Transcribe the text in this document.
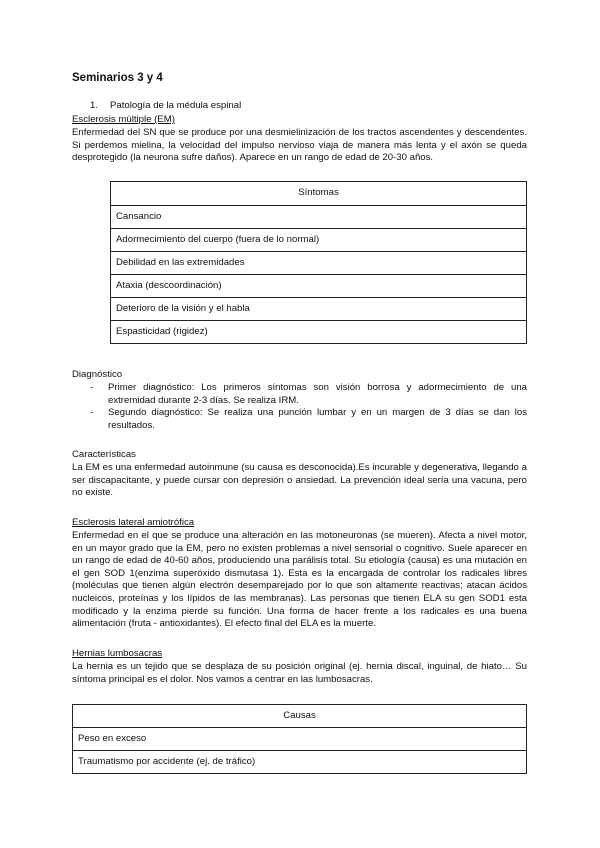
Seminarios 3 y 4
1. Patología de la médula espinal
Esclerosis múltiple (EM)
Enfermedad del SN que se produce por una desmielinización de los tractos ascendentes y descendentes. Si perdemos mielina, la velocidad del impulso nervioso viaja de manera más lenta y el axón se queda desprotegido (la neurona sufre daños). Aparece en un rango de edad de 20-30 años.
Síntomas
Cansancio
Adormecimiento del cuerpo (fuera de lo normal)
Debilidad en las extremidades
Ataxia (descoordinación)
Deterioro de la visión y el habla
Espasticidad (rigidez)
Diagnóstico
- Primer diagnóstico: Los primeros síntomas son visión borrosa y adormecimiento de una extremidad durante 2-3 días. Se realiza IRM.
- Segundo diagnóstico: Se realiza una punción lumbar y en un margen de 3 días se dan los resultados.
Características
La EM es una enfermedad autoinmune (su causa es desconocida).Es incurable y degenerativa, llegando a ser discapacitante, y puede cursar con depresión o ansiedad. La prevención ideal sería una vacuna, pero no existe.
Esclerosis lateral amiotrófica
Enfermedad en el que se produce una alteración en las motoneuronas (se mueren). Afecta a nivel motor, en un mayor grado que la EM, pero no existen problemas a nivel sensorial o cognitivo. Suele aparecer en un rango de edad de 40-60 años, produciendo una parálisis total. Su etiología (causa) es una mutación en el gen SOD 1(enzima superóxido dismutasa 1). Esta es la encargada de controlar los radicales libres (moléculas que tienen algún electrón desemparejado por lo que son altamente reactivas; atacan ácidos nucleicos, proteínas y los lípidos de las membranas). Las personas que tienen ELA su gen SOD1 esta modificado y la enzima pierde su función. Una forma de hacer frente a los radicales es una buena alimentación (fruta - antioxidantes). El efecto final del ELA es la muerte.
Hernias lumbosacras
La hernia es un tejido que se desplaza de su posición original (ej. hernia discal, inguinal, de hiato… Su síntoma principal es el dolor. Nos vamos a centrar en las lumbosacras.
Causas
Peso en exceso
Traumatismo por accidente (ej. de tráfico)
